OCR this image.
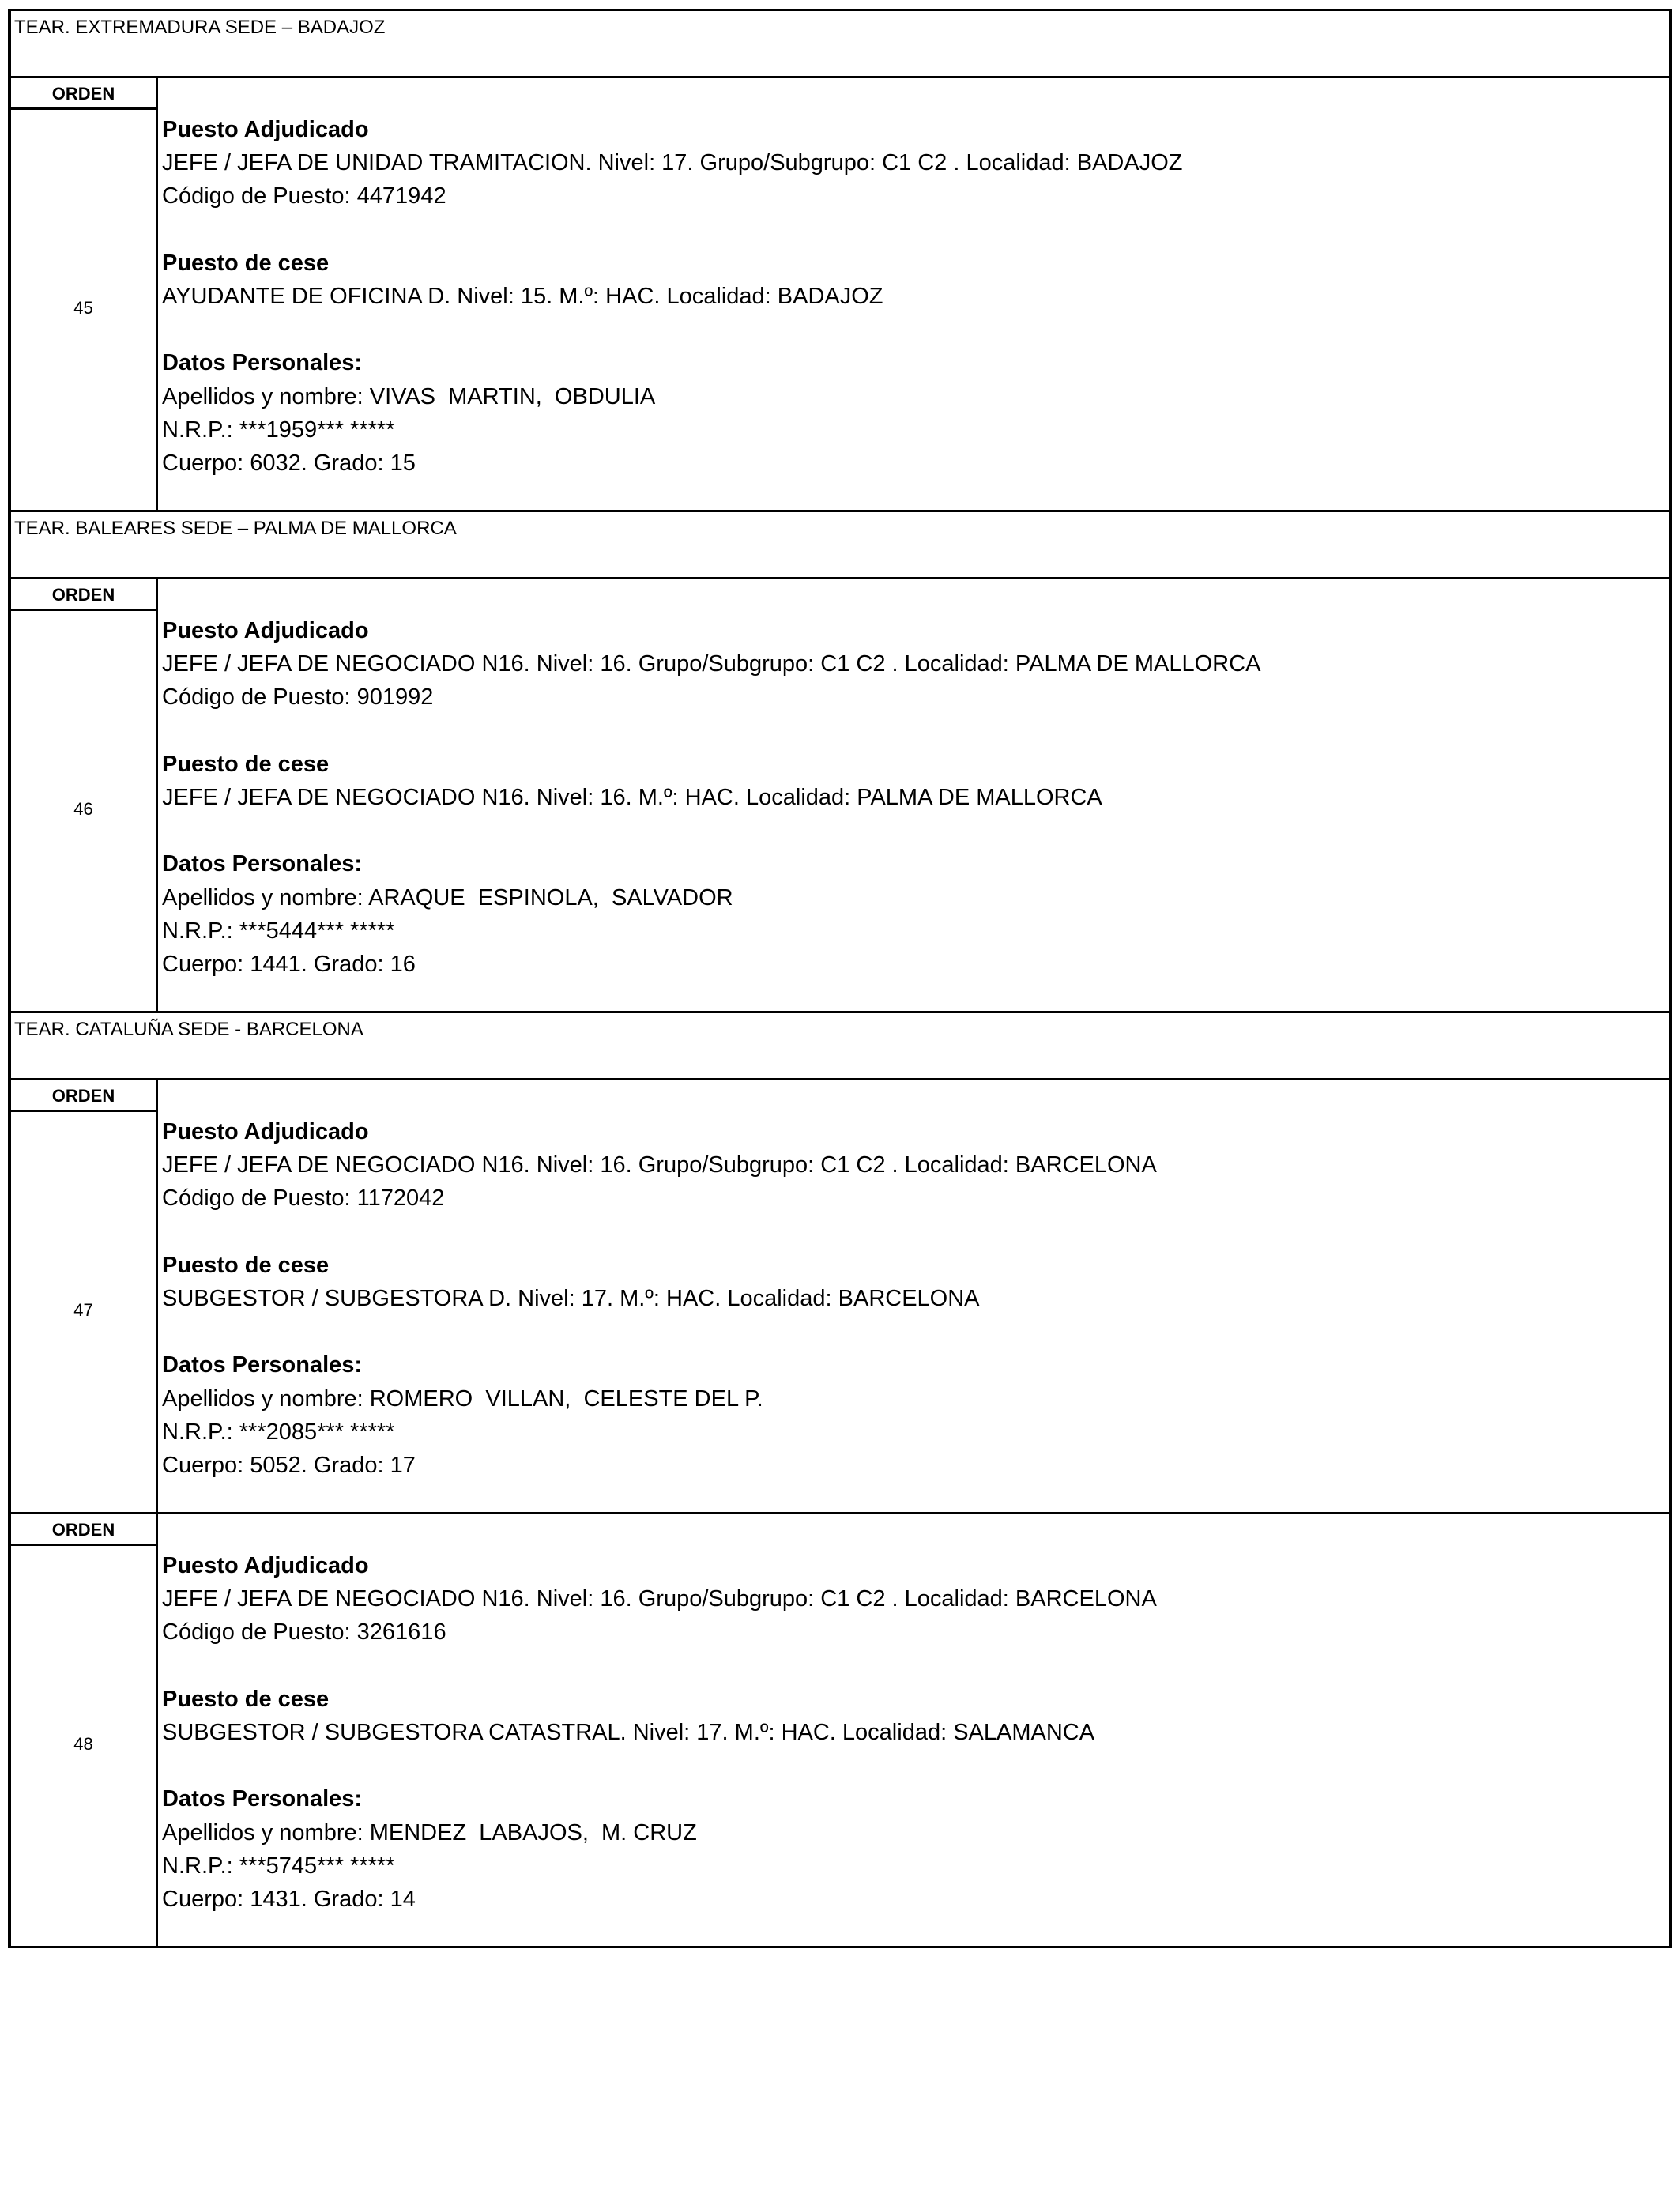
TEAR. EXTREMADURA SEDE – BADAJOZ
ORDEN
45
Puesto Adjudicado
JEFE / JEFA DE UNIDAD TRAMITACION. Nivel: 17. Grupo/Subgrupo: C1 C2 . Localidad: BADAJOZ
Código de Puesto: 4471942
Puesto de cese
AYUDANTE DE OFICINA D. Nivel: 15. M.º: HAC. Localidad: BADAJOZ
Datos Personales:
Apellidos y nombre: VIVAS  MARTIN,  OBDULIA
N.R.P.: ***1959*** *****
Cuerpo: 6032. Grado: 15
TEAR. BALEARES SEDE – PALMA DE MALLORCA
ORDEN
46
Puesto Adjudicado
JEFE / JEFA DE NEGOCIADO N16. Nivel: 16. Grupo/Subgrupo: C1 C2 . Localidad: PALMA DE MALLORCA
Código de Puesto: 901992
Puesto de cese
JEFE / JEFA DE NEGOCIADO N16. Nivel: 16. M.º: HAC. Localidad: PALMA DE MALLORCA
Datos Personales:
Apellidos y nombre: ARAQUE  ESPINOLA,  SALVADOR
N.R.P.: ***5444*** *****
Cuerpo: 1441. Grado: 16
TEAR. CATALUÑA SEDE - BARCELONA
ORDEN
47
Puesto Adjudicado
JEFE / JEFA DE NEGOCIADO N16. Nivel: 16. Grupo/Subgrupo: C1 C2 . Localidad: BARCELONA
Código de Puesto: 1172042
Puesto de cese
SUBGESTOR / SUBGESTORA D. Nivel: 17. M.º: HAC. Localidad: BARCELONA
Datos Personales:
Apellidos y nombre: ROMERO  VILLAN,  CELESTE DEL P.
N.R.P.: ***2085*** *****
Cuerpo: 5052. Grado: 17
ORDEN
48
Puesto Adjudicado
JEFE / JEFA DE NEGOCIADO N16. Nivel: 16. Grupo/Subgrupo: C1 C2 . Localidad: BARCELONA
Código de Puesto: 3261616
Puesto de cese
SUBGESTOR / SUBGESTORA CATASTRAL. Nivel: 17. M.º: HAC. Localidad: SALAMANCA
Datos Personales:
Apellidos y nombre: MENDEZ  LABAJOS,  M. CRUZ
N.R.P.: ***5745*** *****
Cuerpo: 1431. Grado: 14
